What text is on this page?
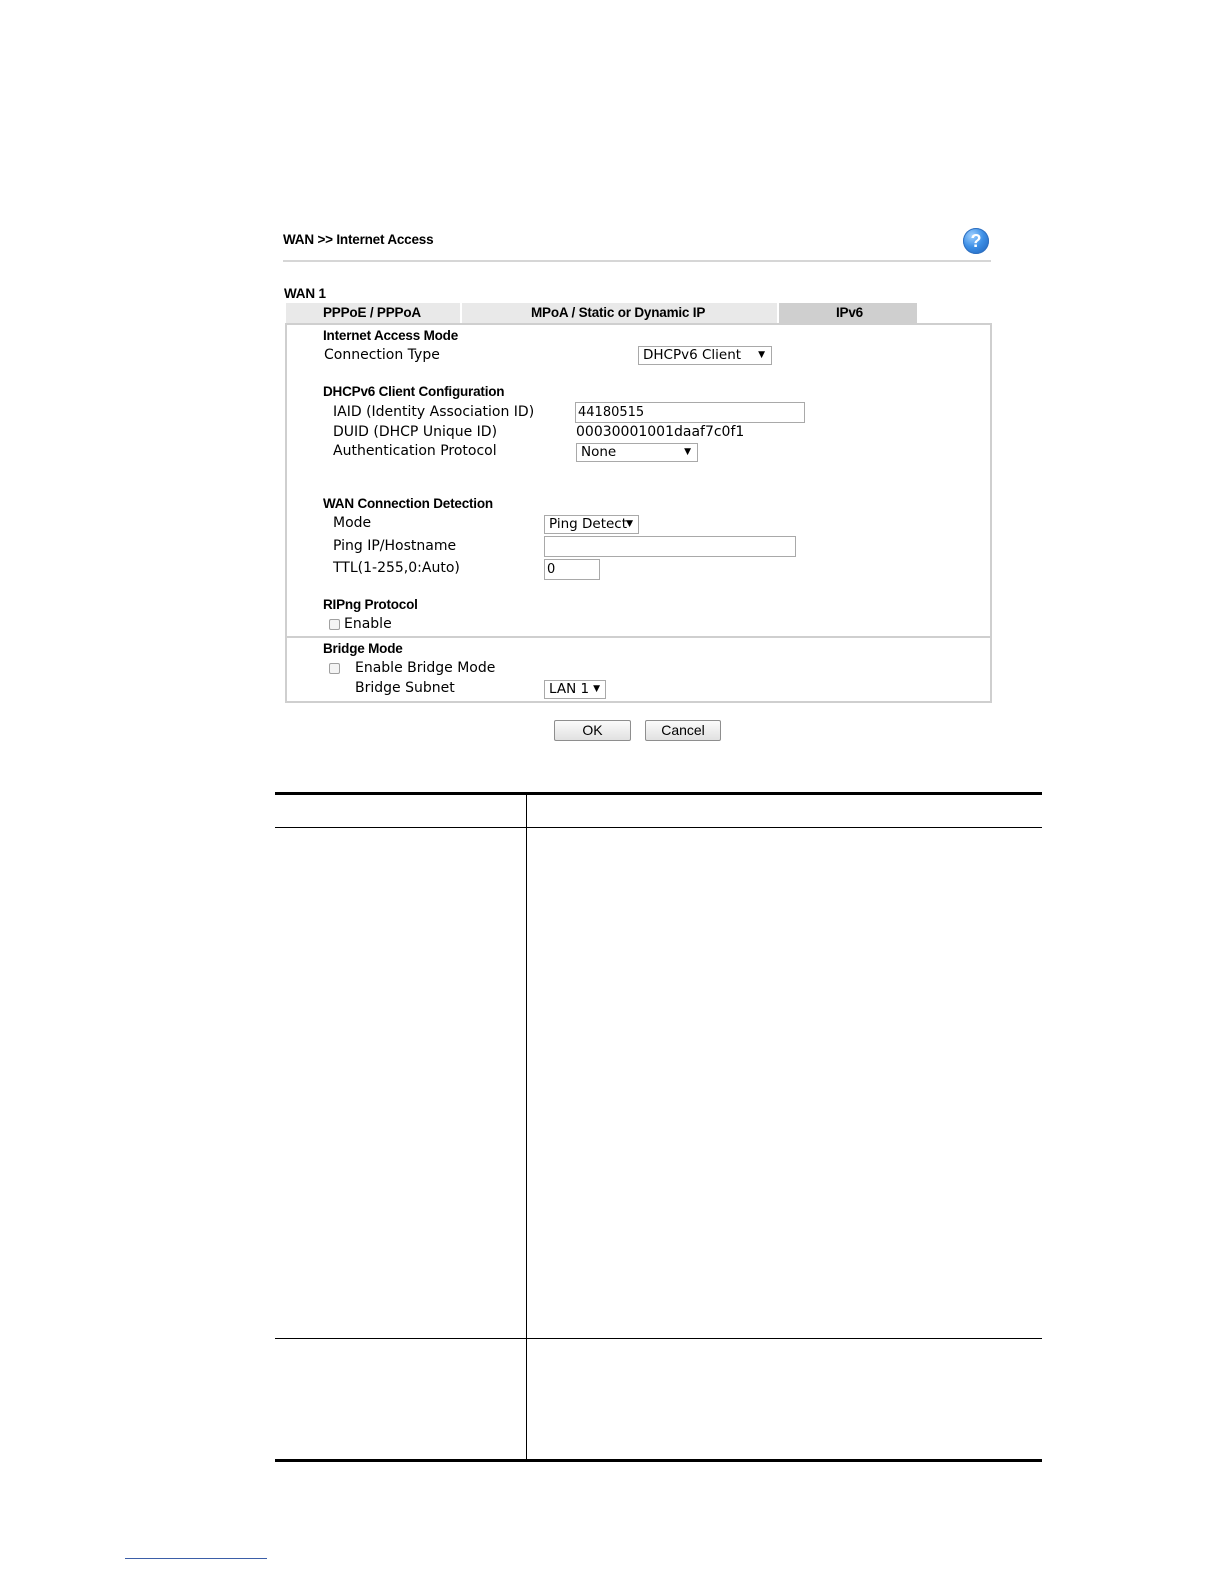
WAN >> Internet Access	?
WAN 1
PPPoE / PPPoA	MPoA / Static or Dynamic IP	IPv6
Internet Access Mode
Connection Type	DHCPv6 Client ▼
DHCPv6 Client Configuration
IAID (Identity Association ID)	44180515
DUID (DHCP Unique ID)	00030001001daaf7c0f1
Authentication Protocol	None	▼
WAN Connection Detection
Mode	Ping Detect ▼
Ping IP/Hostname
TTL(1-255,0:Auto)	0
RIPng Protocol
Enable
Bridge Mode
Enable Bridge Mode
Bridge Subnet	LAN 1 ▼
OK	Cancel
